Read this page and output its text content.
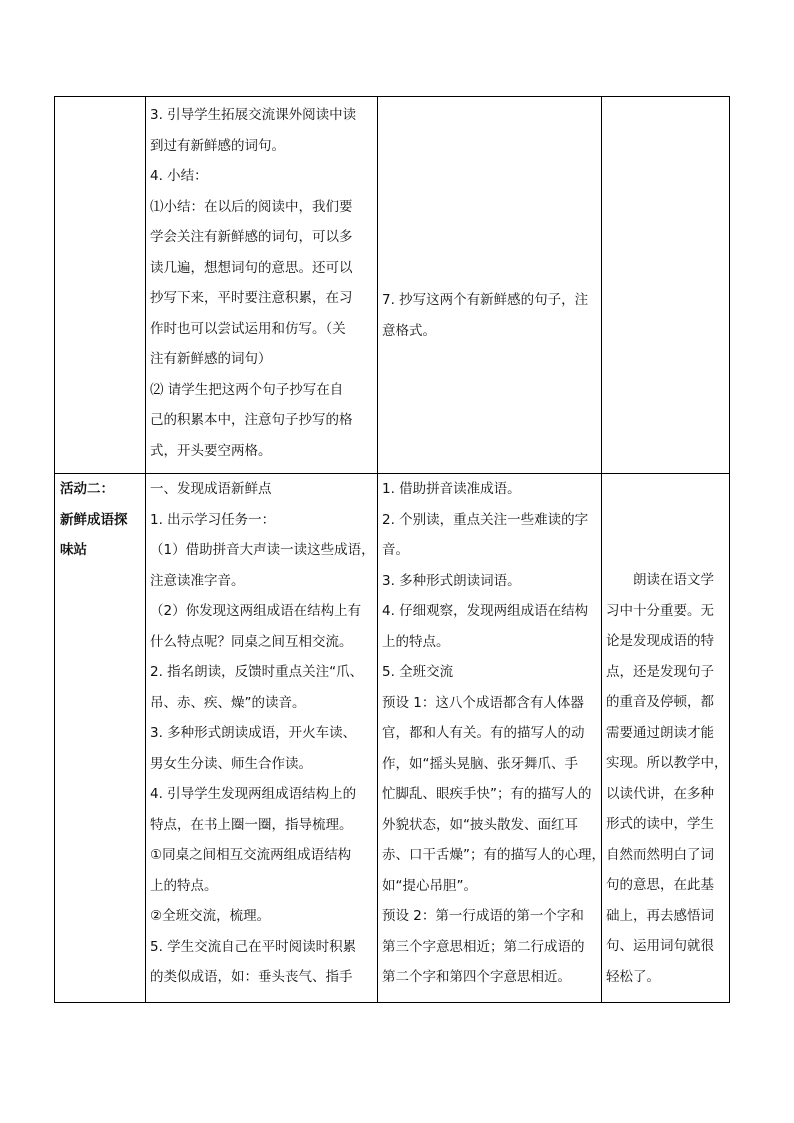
3. 引导学生拓展交流课外阅读中读

到过有新鲜感的词句。

4. 小结：

⑴小结：在以后的阅读中，我们要

学会关注有新鲜感的词句，可以多

读几遍，想想词句的意思。还可以

抄写下来，平时要注意积累，在习

作时也可以尝试运用和仿写。（关

注有新鲜感的词句）

⑵ 请学生把这两个句子抄写在自

己的积累本中，注意句子抄写的格

式，开头要空两格。

7. 抄写这两个有新鲜感的句子，注

意格式。

活动二：

新鲜成语探

味站

一、发现成语新鲜点

1. 出示学习任务一：

（1）借助拼音大声读一读这些成语，

注意读准字音。

（2）你发现这两组成语在结构上有

什么特点呢？同桌之间互相交流。

2. 指名朗读，反馈时重点关注“爪、

吊、赤、疾、燥”的读音。

3. 多种形式朗读成语，开火车读、

男女生分读、师生合作读。

4. 引导学生发现两组成语结构上的

特点，在书上圈一圈，指导梳理。

①同桌之间相互交流两组成语结构

上的特点。

②全班交流，梳理。

5. 学生交流自己在平时阅读时积累

的类似成语，如：垂头丧气、指手

1. 借助拼音读准成语。

2. 个别读，重点关注一些难读的字

音。

3. 多种形式朗读词语。

4. 仔细观察，发现两组成语在结构

上的特点。

5. 全班交流

预设 1：这八个成语都含有人体器

官，都和人有关。有的描写人的动

作，如“摇头晃脑、张牙舞爪、手

忙脚乱、眼疾手快”；有的描写人的

外貌状态，如“披头散发、面红耳

赤、口干舌燥”；有的描写人的心理，

如“提心吊胆”。

预设 2：第一行成语的第一个字和

第三个字意思相近；第二行成语的

第二个字和第四个字意思相近。

朗读在语文学

习中十分重要。无

论是发现成语的特

点，还是发现句子

的重音及停顿，都

需要通过朗读才能

实现。所以教学中，

以读代讲，在多种

形式的读中，学生

自然而然明白了词

句的意思，在此基

础上，再去感悟词

句、运用词句就很

轻松了。
